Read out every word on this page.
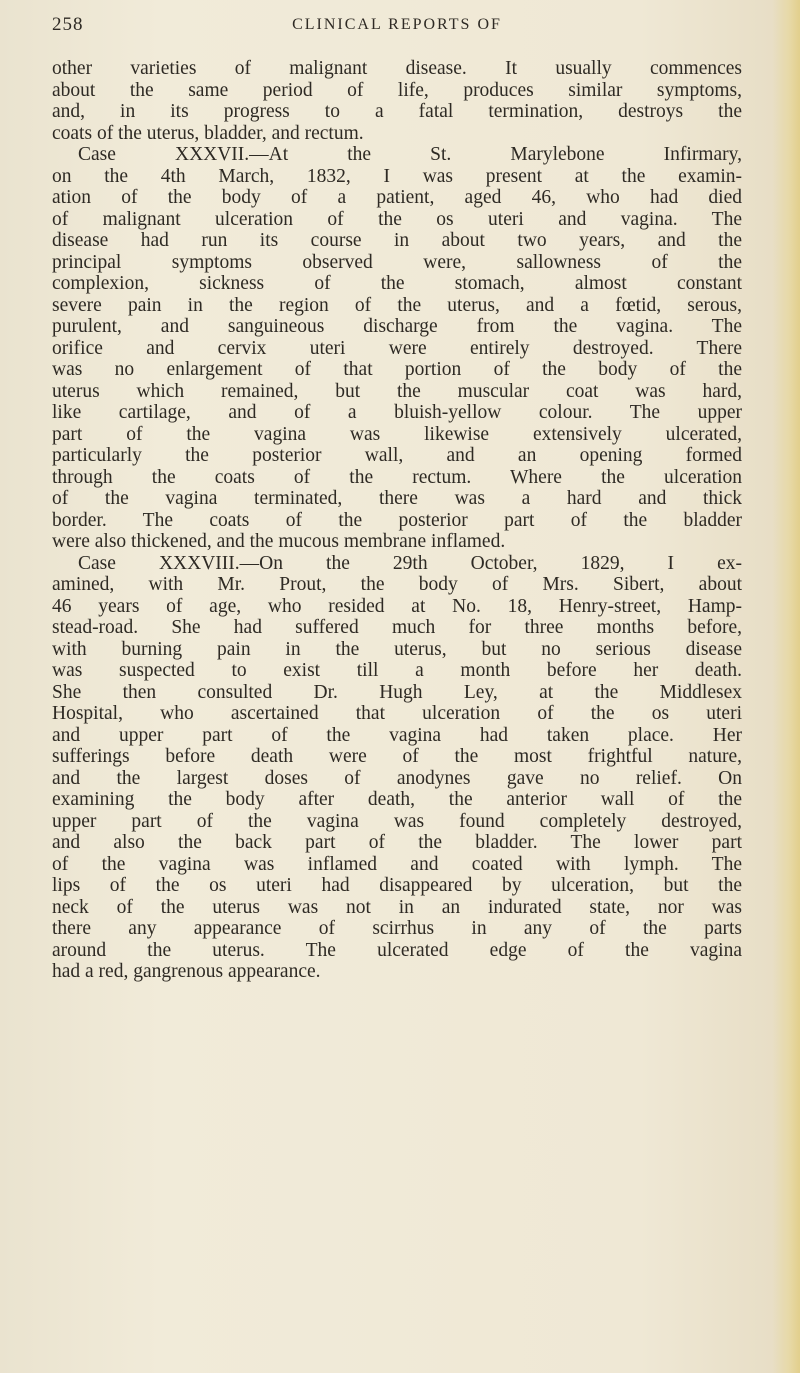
258	CLINICAL REPORTS OF
other varieties of malignant disease. It usually commences
about the same period of life, produces similar symptoms,
and, in its progress to a fatal termination, destroys the
coats of the uterus, bladder, and rectum.
Case XXXVII.—At the St. Marylebone Infirmary,
on the 4th March, 1832, I was present at the examin-
ation of the body of a patient, aged 46, who had died
of malignant ulceration of the os uteri and vagina. The
disease had run its course in about two years, and the
principal symptoms observed were, sallowness of the
complexion, sickness of the stomach, almost constant
severe pain in the region of the uterus, and a fœtid, serous,
purulent, and sanguineous discharge from the vagina. The
orifice and cervix uteri were entirely destroyed. There
was no enlargement of that portion of the body of the
uterus which remained, but the muscular coat was hard,
like cartilage, and of a bluish-yellow colour. The upper
part of the vagina was likewise extensively ulcerated,
particularly the posterior wall, and an opening formed
through the coats of the rectum. Where the ulceration
of the vagina terminated, there was a hard and thick
border. The coats of the posterior part of the bladder
were also thickened, and the mucous membrane inflamed.
Case XXXVIII.—On the 29th October, 1829, I ex-
amined, with Mr. Prout, the body of Mrs. Sibert, about
46 years of age, who resided at No. 18, Henry-street, Hamp-
stead-road. She had suffered much for three months before,
with burning pain in the uterus, but no serious disease
was suspected to exist till a month before her death.
She then consulted Dr. Hugh Ley, at the Middlesex
Hospital, who ascertained that ulceration of the os uteri
and upper part of the vagina had taken place. Her
sufferings before death were of the most frightful nature,
and the largest doses of anodynes gave no relief. On
examining the body after death, the anterior wall of the
upper part of the vagina was found completely destroyed,
and also the back part of the bladder. The lower part
of the vagina was inflamed and coated with lymph. The
lips of the os uteri had disappeared by ulceration, but the
neck of the uterus was not in an indurated state, nor was
there any appearance of scirrhus in any of the parts
around the uterus. The ulcerated edge of the vagina
had a red, gangrenous appearance.
